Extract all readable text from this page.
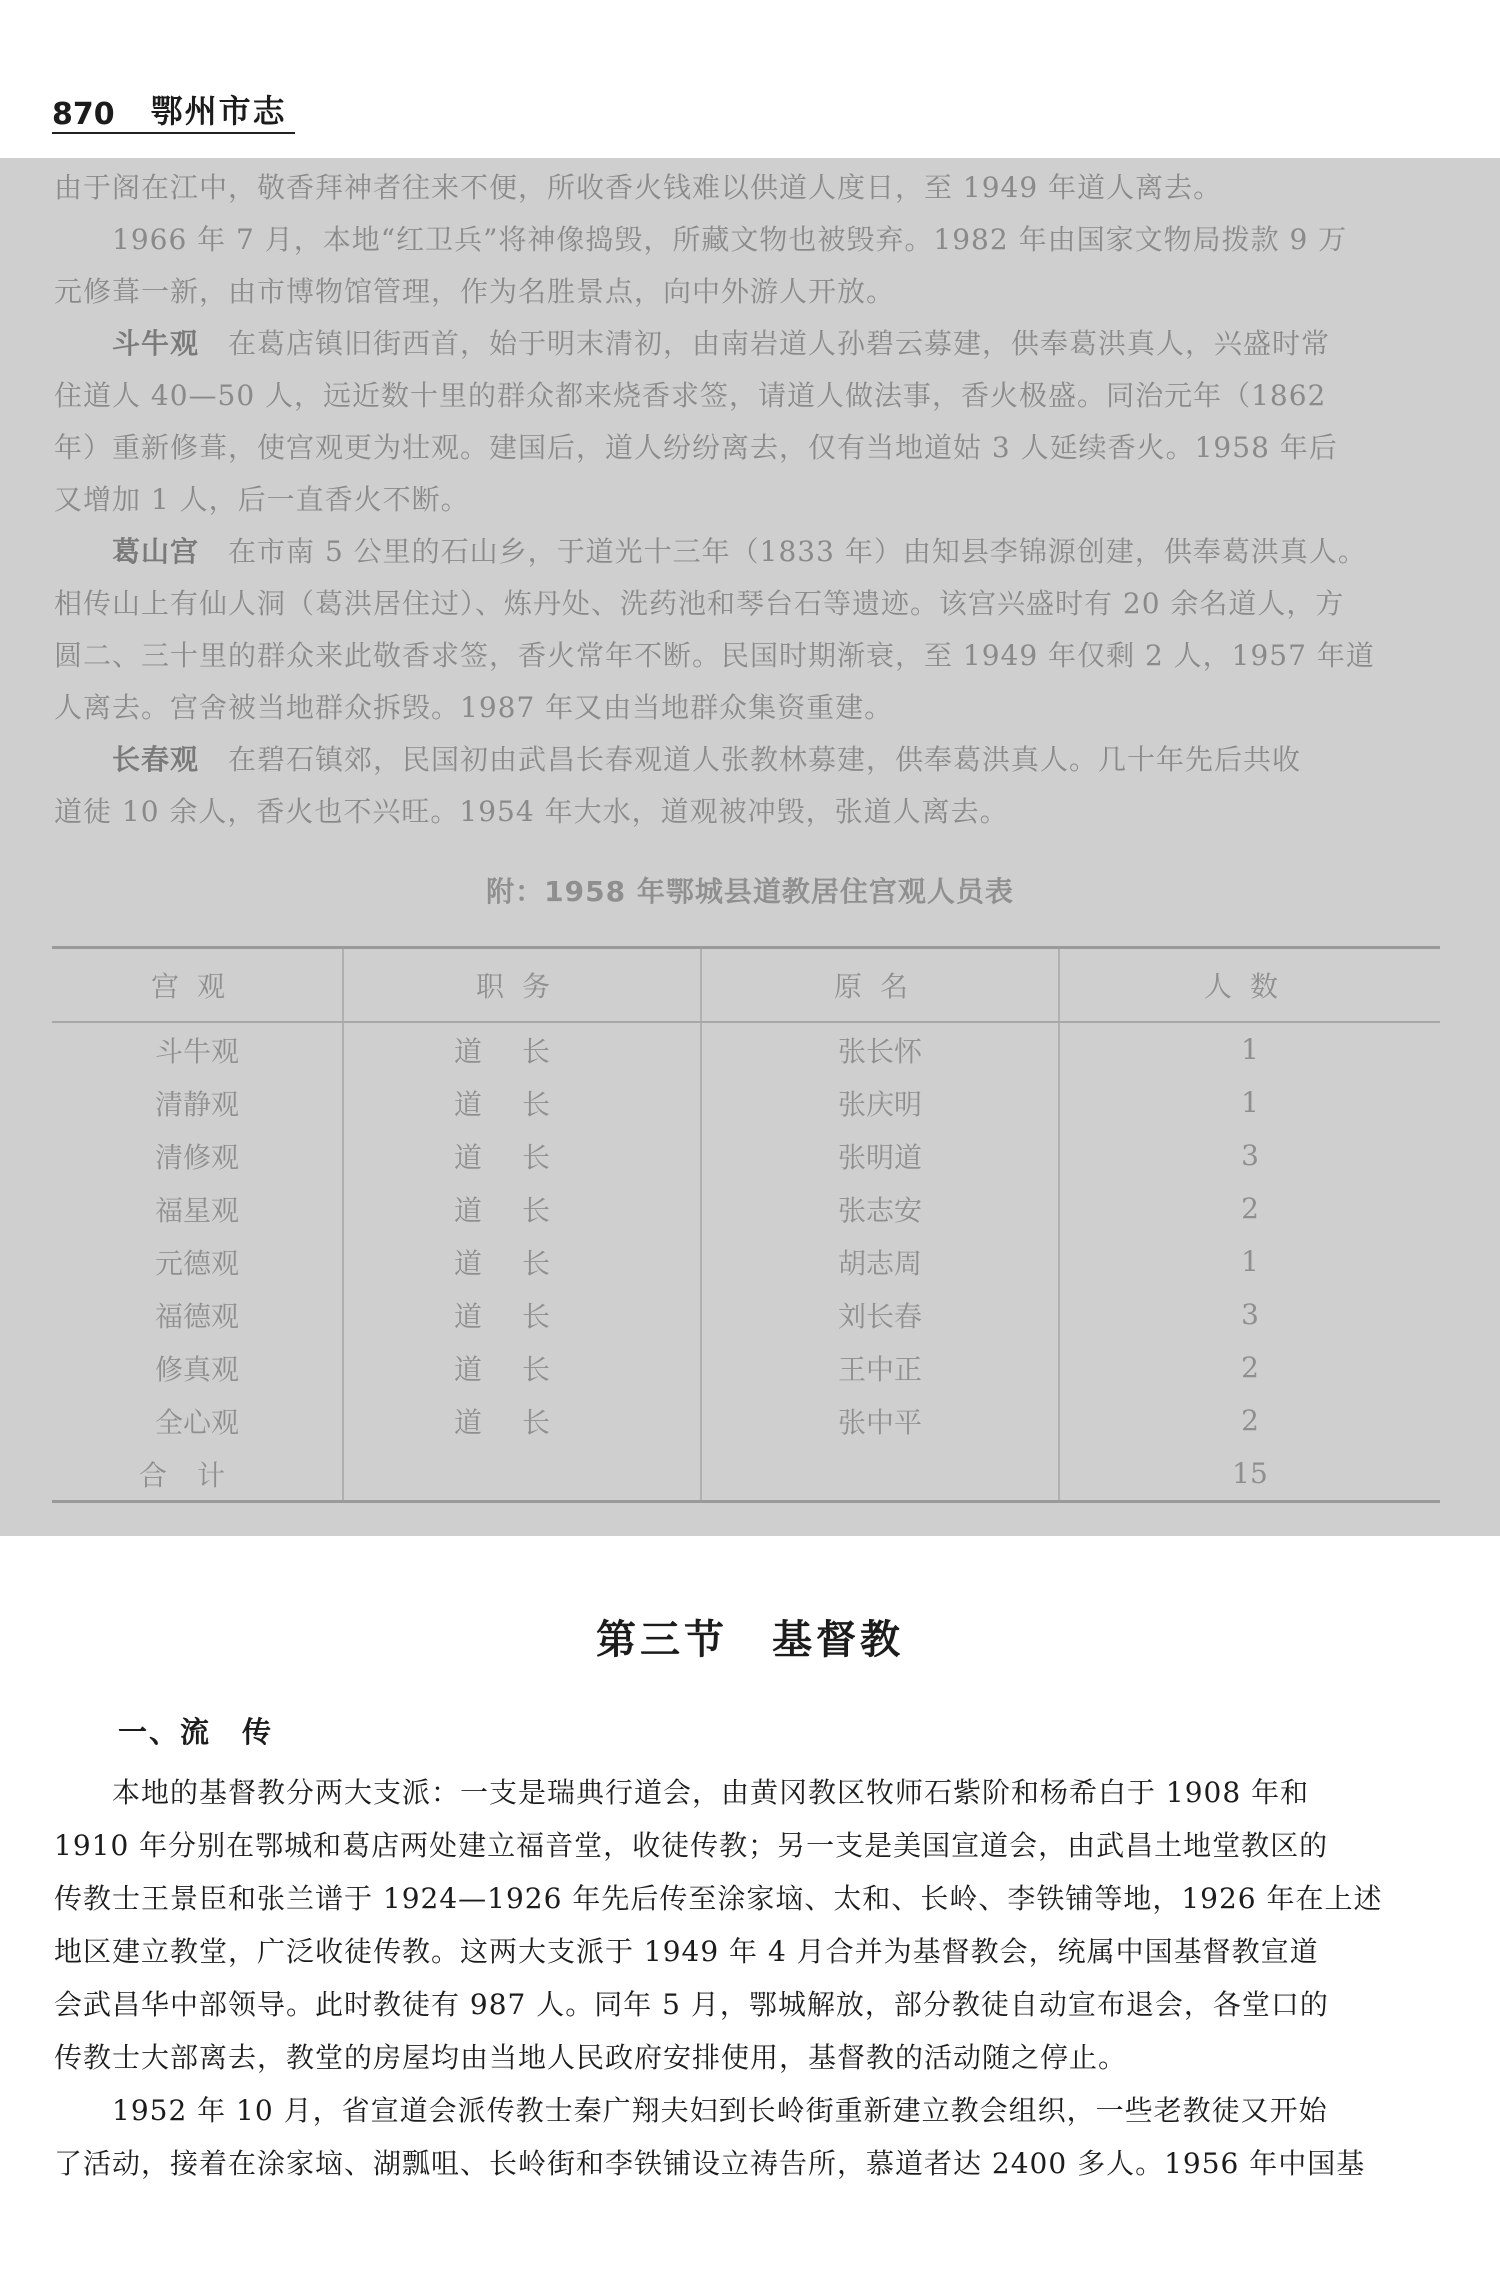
870 鄂州市志
由于阁在江中，敬香拜神者往来不便，所收香火钱难以供道人度日，至 1949 年道人离去。
　　1966 年 7 月，本地“红卫兵”将神像捣毁，所藏文物也被毁弃。1982 年由国家文物局拨款 9 万
元修葺一新，由市博物馆管理，作为名胜景点，向中外游人开放。
　　斗牛观　 在葛店镇旧街西首，始于明末清初，由南岩道人孙碧云募建，供奉葛洪真人，兴盛时常
住道人 40—50 人，远近数十里的群众都来烧香求签，请道人做法事，香火极盛。同治元年（1862
年）重新修葺，使宫观更为壮观。建国后，道人纷纷离去，仅有当地道姑 3 人延续香火。1958 年后
又增加 1 人，后一直香火不断。
　　葛山宫　 在市南 5 公里的石山乡，于道光十三年（1833 年）由知县李锦源创建，供奉葛洪真人。
相传山上有仙人洞（葛洪居住过）、炼丹处、洗药池和琴台石等遗迹。该宫兴盛时有 20 余名道人，方
圆二、三十里的群众来此敬香求签，香火常年不断。民国时期渐衰，至 1949 年仅剩 2 人，1957 年道
人离去。宫舍被当地群众拆毁。1987 年又由当地群众集资重建。
　　长春观　 在碧石镇郊，民国初由武昌长春观道人张教林募建，供奉葛洪真人。几十年先后共收
道徒 10 余人，香火也不兴旺。1954 年大水，道观被冲毁，张道人离去。
附：1958 年鄂城县道教居住宫观人员表
宫观	职务	原名	人数
斗牛观	道长	张长怀	1
清静观	道长	张庆明	1
清修观	道长	张明道	3
福星观	道长	张志安	2
元德观	道长	胡志周	1
福德观	道长	刘长春	3
修真观	道长	王中正	2
全心观	道长	张中平	2
合计			15
第三节　基督教
一、流　传
　　本地的基督教分两大支派：一支是瑞典行道会，由黄冈教区牧师石紫阶和杨希白于 1908 年和
1910 年分别在鄂城和葛店两处建立福音堂，收徒传教；另一支是美国宣道会，由武昌土地堂教区的
传教士王景臣和张兰谱于 1924—1926 年先后传至涂家垴、太和、长岭、李铁铺等地，1926 年在上述
地区建立教堂，广泛收徒传教。这两大支派于 1949 年 4 月合并为基督教会，统属中国基督教宣道
会武昌华中部领导。此时教徒有 987 人。同年 5 月，鄂城解放，部分教徒自动宣布退会，各堂口的
传教士大部离去，教堂的房屋均由当地人民政府安排使用，基督教的活动随之停止。
　　1952 年 10 月，省宣道会派传教士秦广翔夫妇到长岭街重新建立教会组织，一些老教徒又开始
了活动，接着在涂家垴、湖瓢咀、长岭街和李铁铺设立祷告所，慕道者达 2400 多人。1956 年中国基
